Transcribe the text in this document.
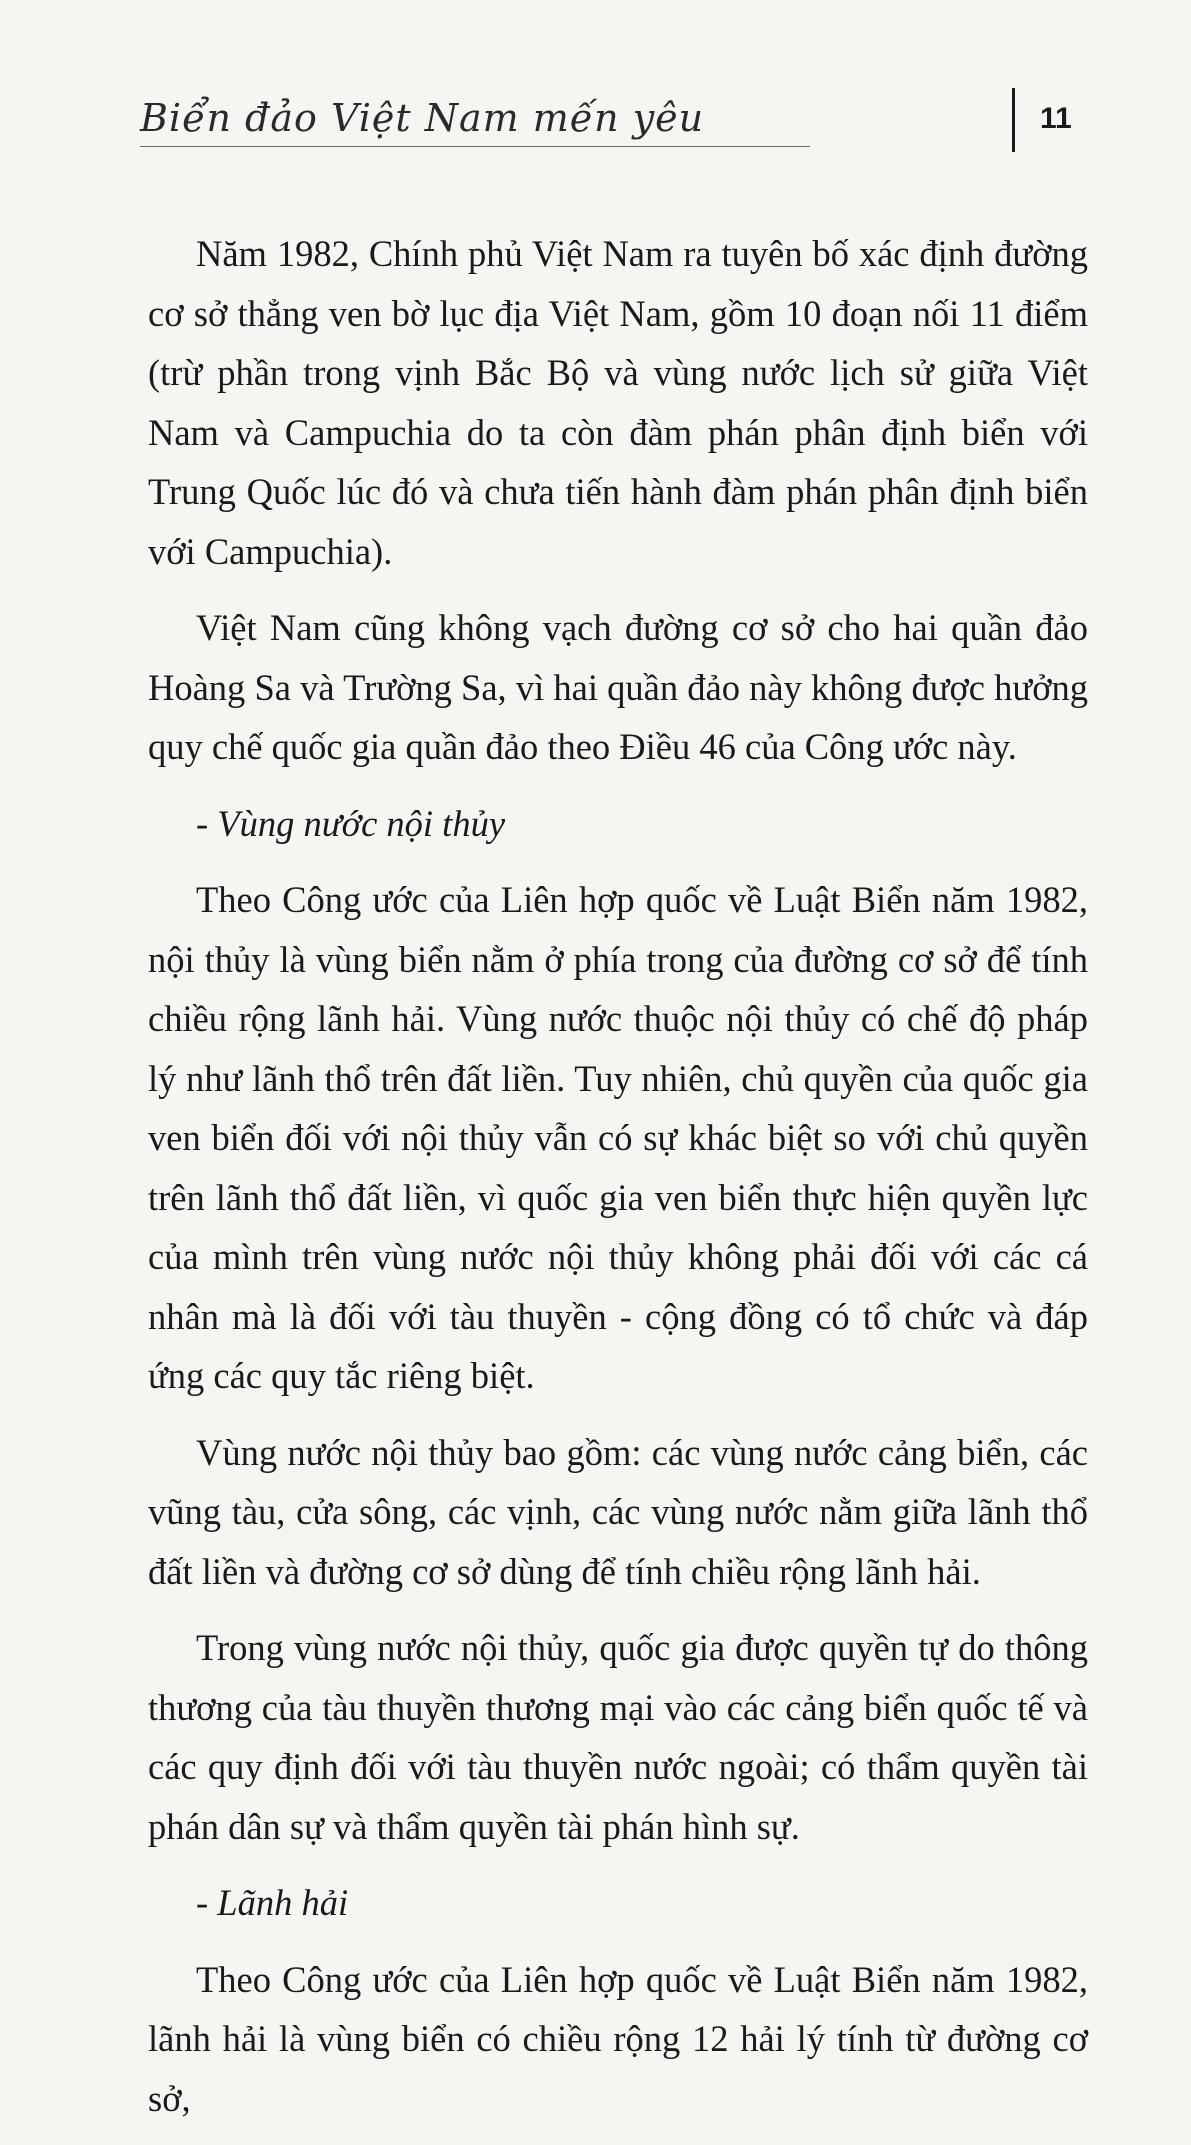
Biển đảo Việt Nam mến yêu	11

Năm 1982, Chính phủ Việt Nam ra tuyên bố xác định đường cơ sở thẳng ven bờ lục địa Việt Nam, gồm 10 đoạn nối 11 điểm (trừ phần trong vịnh Bắc Bộ và vùng nước lịch sử giữa Việt Nam và Campuchia do ta còn đàm phán phân định biển với Trung Quốc lúc đó và chưa tiến hành đàm phán phân định biển với Campuchia).

Việt Nam cũng không vạch đường cơ sở cho hai quần đảo Hoàng Sa và Trường Sa, vì hai quần đảo này không được hưởng quy chế quốc gia quần đảo theo Điều 46 của Công ước này.

- Vùng nước nội thủy

Theo Công ước của Liên hợp quốc về Luật Biển năm 1982, nội thủy là vùng biển nằm ở phía trong của đường cơ sở để tính chiều rộng lãnh hải. Vùng nước thuộc nội thủy có chế độ pháp lý như lãnh thổ trên đất liền. Tuy nhiên, chủ quyền của quốc gia ven biển đối với nội thủy vẫn có sự khác biệt so với chủ quyền trên lãnh thổ đất liền, vì quốc gia ven biển thực hiện quyền lực của mình trên vùng nước nội thủy không phải đối với các cá nhân mà là đối với tàu thuyền - cộng đồng có tổ chức và đáp ứng các quy tắc riêng biệt.

Vùng nước nội thủy bao gồm: các vùng nước cảng biển, các vũng tàu, cửa sông, các vịnh, các vùng nước nằm giữa lãnh thổ đất liền và đường cơ sở dùng để tính chiều rộng lãnh hải.

Trong vùng nước nội thủy, quốc gia được quyền tự do thông thương của tàu thuyền thương mại vào các cảng biển quốc tế và các quy định đối với tàu thuyền nước ngoài; có thẩm quyền tài phán dân sự và thẩm quyền tài phán hình sự.

- Lãnh hải

Theo Công ước của Liên hợp quốc về Luật Biển năm 1982, lãnh hải là vùng biển có chiều rộng 12 hải lý tính từ đường cơ sở,
